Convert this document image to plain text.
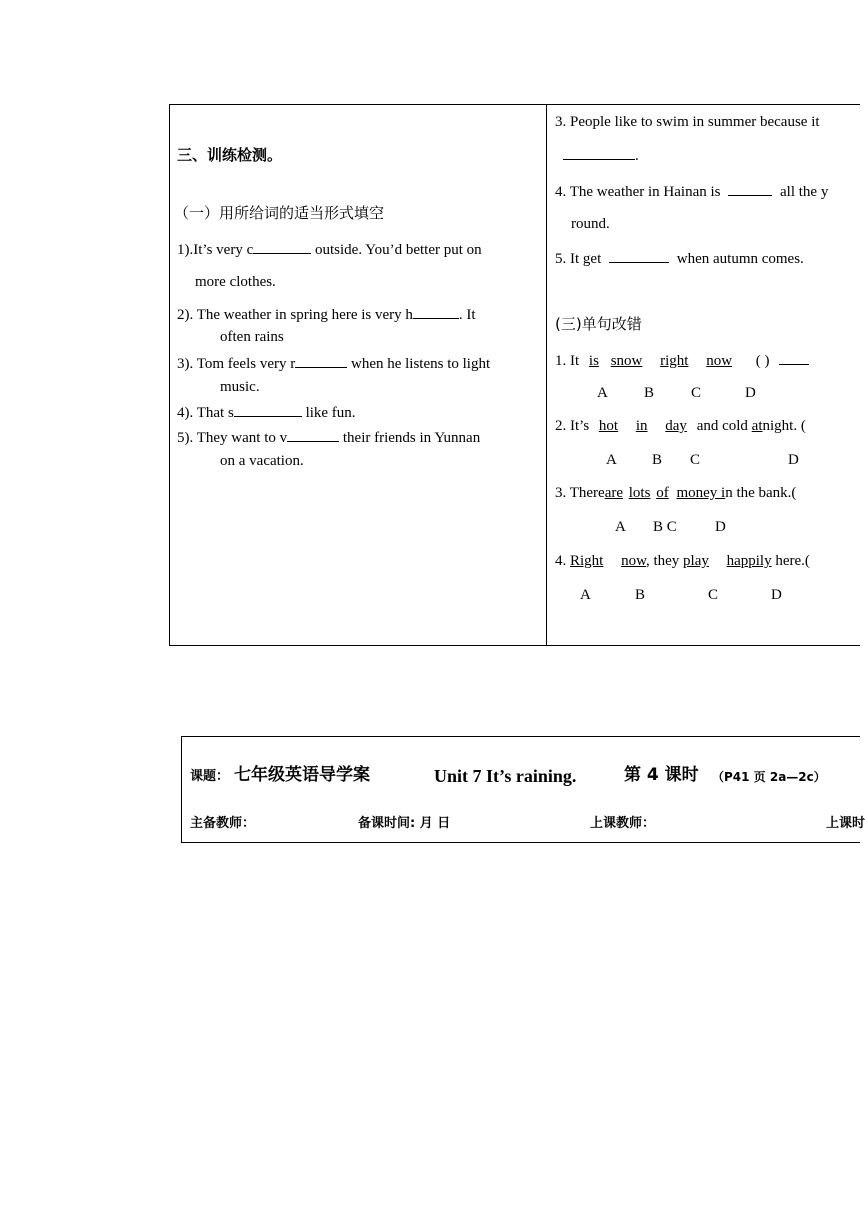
三、训练检测。
（一）用所给词的适当形式填空
1).It’s very c	outside. You’d better put on
more clothes.
2). The weather in spring here is very h	. It
often rains
3). Tom feels very r	when he listens to light
music.
4). That s	like fun.
5). They want to v	their friends in Yunnan
on a vacation.
3. People like to swim in summer because it
.
4. The weather in Hainan is	all the y
round.
5. It get	when autumn comes.
(三)单句改错
1. It is snow right now ( )
A B C	D
2. It’s hot in day and cold atnight. (
A B C	D
3. Thereare lots of money in the bank.(
A B C	D
4. Right now, they play happily here.(
A	B	C	D
课题： 七年级英语导学案	Unit 7 It’s raining.	第 4 课时 （P41 页 2a—2c）
主备教师：	备课时间: 月 日	上课教师：	上课时
